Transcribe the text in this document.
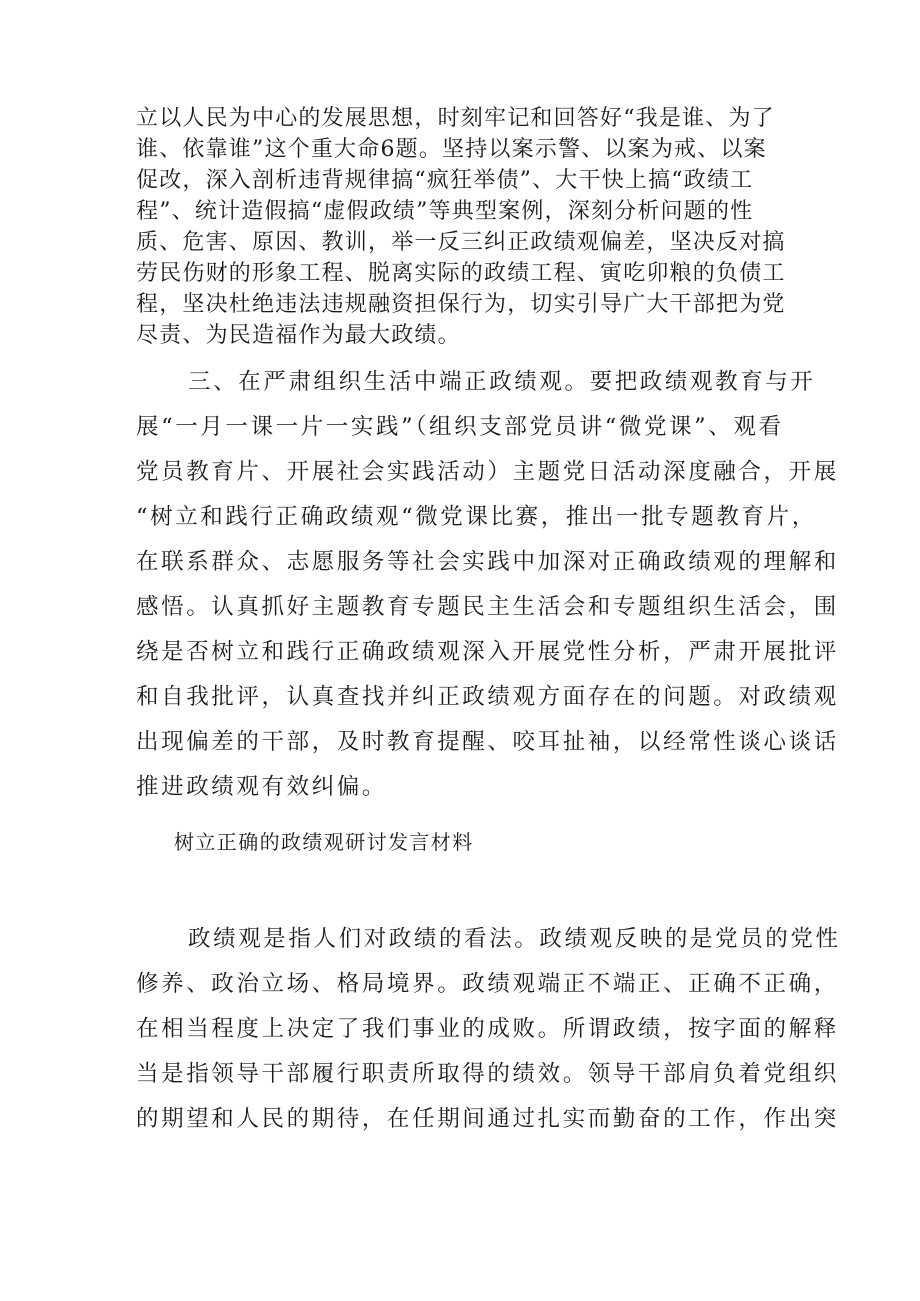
立以人民为中心的发展思想，时刻牢记和回答好“我是谁、为了
谁、依靠谁”这个重大命6题。坚持以案示警、以案为戒、以案
促改，深入剖析违背规律搞“疯狂举债”、大干快上搞“政绩工
程”、统计造假搞“虚假政绩”等典型案例，深刻分析问题的性
质、危害、原因、教训，举一反三纠正政绩观偏差，坚决反对搞
劳民伤财的形象工程、脱离实际的政绩工程、寅吃卯粮的负债工
程，坚决杜绝违法违规融资担保行为，切实引导广大干部把为党
尽责、为民造福作为最大政绩。
三、在严肃组织生活中端正政绩观。要把政绩观教育与开
展“一月一课一片一实践”（组织支部党员讲“微党课”、观看
党员教育片、开展社会实践活动）主题党日活动深度融合，开展
“树立和践行正确政绩观“微党课比赛，推出一批专题教育片，
在联系群众、志愿服务等社会实践中加深对正确政绩观的理解和
感悟。认真抓好主题教育专题民主生活会和专题组织生活会，围
绕是否树立和践行正确政绩观深入开展党性分析，严肃开展批评
和自我批评，认真查找并纠正政绩观方面存在的问题。对政绩观
出现偏差的干部，及时教育提醒、咬耳扯袖，以经常性谈心谈话
推进政绩观有效纠偏。
树立正确的政绩观研讨发言材料
政绩观是指人们对政绩的看法。政绩观反映的是党员的党性
修养、政治立场、格局境界。政绩观端正不端正、正确不正确，
在相当程度上决定了我们事业的成败。所谓政绩，按字面的解释
当是指领导干部履行职责所取得的绩效。领导干部肩负着党组织
的期望和人民的期待，在任期间通过扎实而勤奋的工作，作出突
